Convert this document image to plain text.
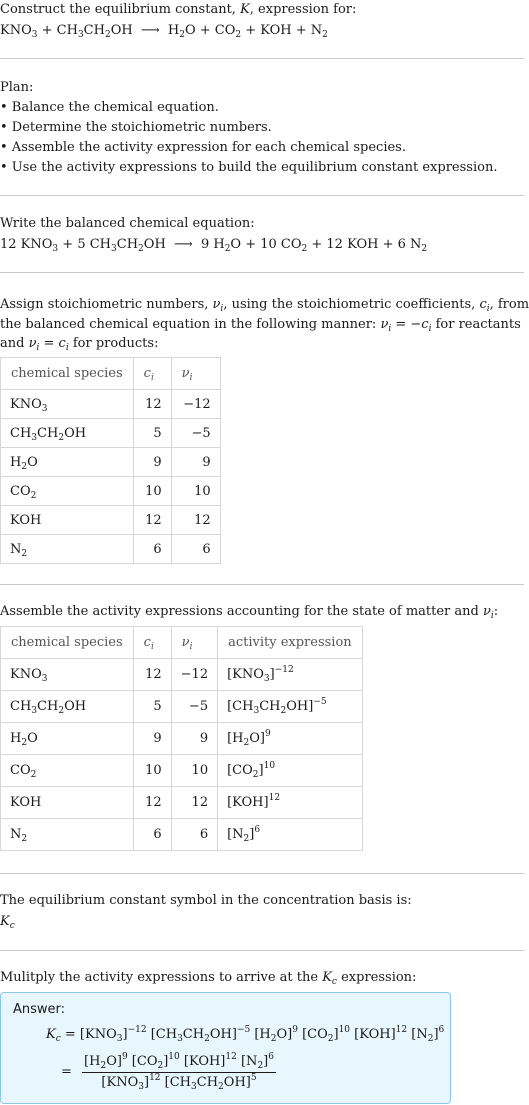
Construct the equilibrium constant, K, expression for:
$KNO_3 + CH_3CH_2OH$  ⟶  $H_2O + CO_2$ + KOH + $N_2$
Plan:
• Balance the chemical equation.
• Determine the stoichiometric numbers.
• Assemble the activity expression for each chemical species.
• Use the activity expressions to build the equilibrium constant expression.
Write the balanced chemical equation:
12 $KNO_3 + 5$ $CH_3CH_2OH$  ⟶  9 $H_2O + 10$ $CO_2 + 12$ KOH + 6 $N_2$
Assign stoichiometric numbers, $\nu_i$, using the stoichiometric coefficients, $c_i$, from
the balanced chemical equation in the following manner: $\nu_i = -c_i$ for reactants
and $\nu_i = c_i$ for products:
chemical species	$c_i$	$\nu_i$
$KNO_3$	12	−12
$CH_3CH_2OH$	5	−5
$H_2O$	9	9
$CO_2$	10	10
KOH	12	12
$N_2$	6	6
Assemble the activity expressions accounting for the state of matter and $\nu_i$:
chemical species	$c_i$	$\nu_i$	activity expression
$KNO_3$	12	−12	$[KNO_3]^{-12}$
$CH_3CH_2OH$	5	−5	$[CH_3CH_2OH]^{-5}$
$H_2O$	9	9	$[H_2O]^9$
$CO_2$	10	10	$[CO_2]^{10}$
KOH	12	12	[KOH]$^{12}$
$N_2$	6	6	$[N_2]^6$
The equilibrium constant symbol in the concentration basis is:
$K_c$
Mulitply the activity expressions to arrive at the $K_c$ expression:
Answer:
$K_c = [KNO_3]^{-12}$ $[CH_3CH_2OH]^{-5}$ $[H_2O]^9$ $[CO_2]^{10}$ [KOH]$^{12}$ $[N_2]^6$
= $\frac{[H_2O]^9 [CO_2]^{10} [KOH]^{12} [N_2]^6}{[KNO_3]^{12} [CH_3CH_2OH]^5}$
